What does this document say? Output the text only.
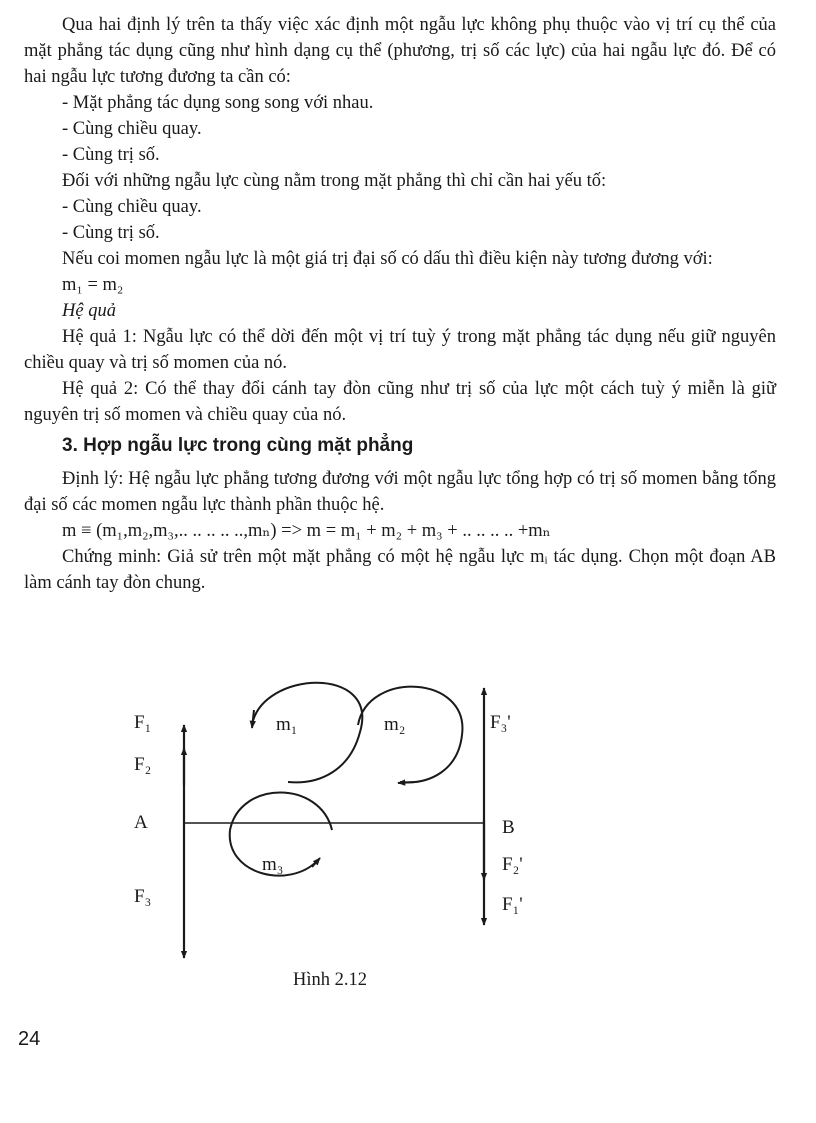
Qua hai định lý trên ta thấy việc xác định một ngẫu lực không phụ thuộc vào vị trí cụ thể của mặt phẳng tác dụng cũng như hình dạng cụ thể (phương, trị số các lực) của hai ngẫu lực đó. Để có hai ngẫu lực tương đương ta cần có:

- Mặt phẳng tác dụng song song với nhau.

- Cùng chiều quay.

- Cùng trị số.

Đối với những ngẫu lực cùng nằm trong mặt phẳng thì chỉ cần hai yếu tố:

- Cùng chiều quay.

- Cùng trị số.

Nếu coi momen ngẫu lực là một giá trị đại số có dấu thì điều kiện này tương đương với:

m₁ = m₂

Hệ quả

Hệ quả 1: Ngẫu lực có thể dời đến một vị trí tuỳ ý trong mặt phẳng tác dụng nếu giữ nguyên chiều quay và trị số momen của nó.

Hệ quả 2: Có thể thay đổi cánh tay đòn cũng như trị số của lực một cách tuỳ ý miễn là giữ nguyên trị số momen và chiều quay của nó.

3. Hợp ngẫu lực trong cùng mặt phẳng

Định lý: Hệ ngẫu lực phẳng tương đương với một ngẫu lực tổng hợp có trị số momen bằng tổng đại số các momen ngẫu lực thành phần thuộc hệ.

m ≡ (m₁,m₂,m₃,.. .. .. .. ..,mₙ) => m = m₁ + m₂ + m₃ + .. .. .. .. +mₙ

Chứng minh: Giả sử trên một mặt phẳng có một hệ ngẫu lực mᵢ tác dụng. Chọn một đoạn AB làm cánh tay đòn chung.

F₁
F₂
A
F₃
m₁	m₂
m₃
F₃'
B
F₂'
F₁'
Hình 2.12
24
